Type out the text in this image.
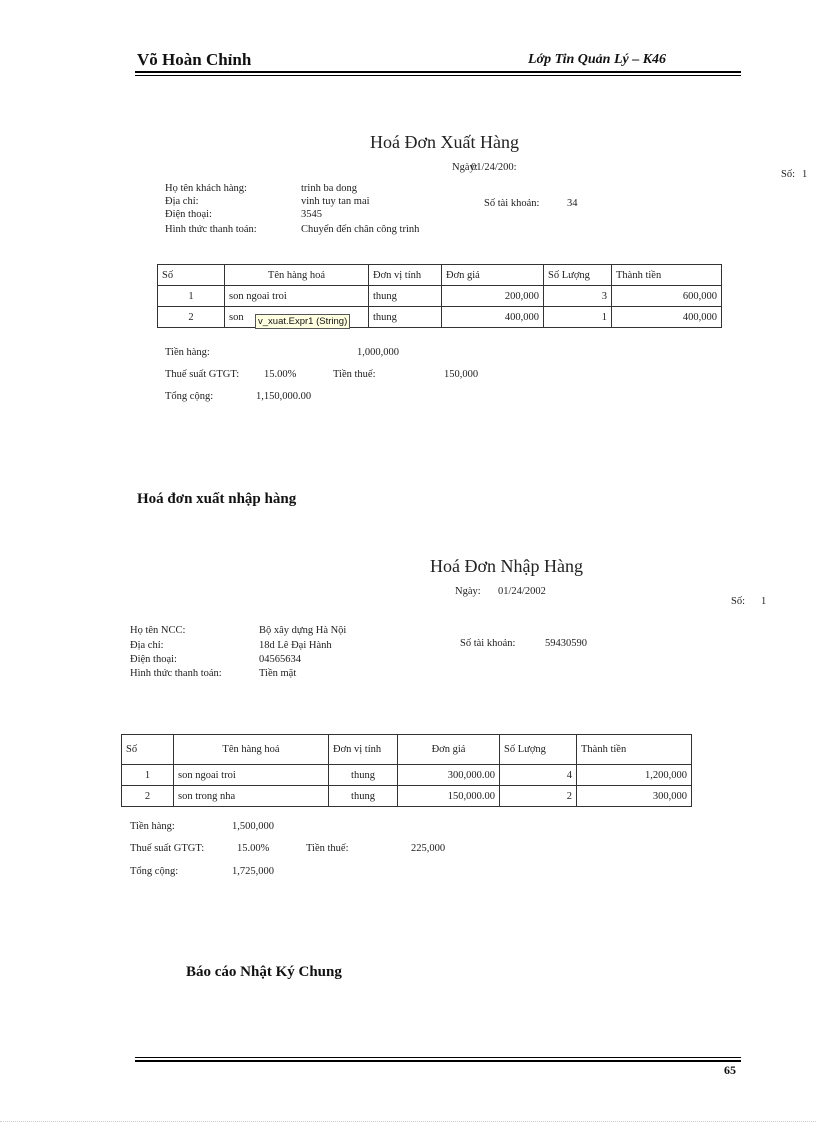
Võ Hoàn Chỉnh	Lớp Tin Quản Lý – K46
Hoá Đơn Xuất Hàng
Ngày:
01/24/200:
Số: 1
Họ tên khách hàng:	trinh ba dong
Địa chỉ:	vinh tuy tan mai	Số tài khoản:	34
Điện thoại:	3545
Hình thức thanh toán:	Chuyển đến chân công trình
Số	Tên hàng hoá	Đơn vị tính	Đơn giá	Số Lượng	Thành tiền
1	son ngoai troi	thung	200,000	3	600,000
2	son	thung	400,000	1	400,000
v_xuat.Expr1 (String)
Tiền hàng:	1,000,000
Thuế suất GTGT: 15.00%	Tiền thuế:	150,000
Tổng cộng:	1,150,000.00
Hoá đơn xuất nhập hàng
Hoá Đơn Nhập Hàng
Ngày: 01/24/2002
Số: 1
Họ tên NCC:	Bộ xây dựng Hà Nội
Địa chỉ:	18d Lê Đại Hành	Số tài khoản:	59430590
Điện thoại:	04565634
Hình thức thanh toán:	Tiền mặt
Số	Tên hàng hoá	Đơn vị tính	Đơn giá	Số Lượng	Thành tiền
1	son ngoai troi	thung	300,000.00	4	1,200,000
2	son trong nha	thung	150,000.00	2	300,000
Tiền hàng:	1,500,000
Thuế suất GTGT:	15.00%	Tiền thuế:	225,000
Tổng cộng:	1,725,000
Báo cáo Nhật Ký Chung
65
